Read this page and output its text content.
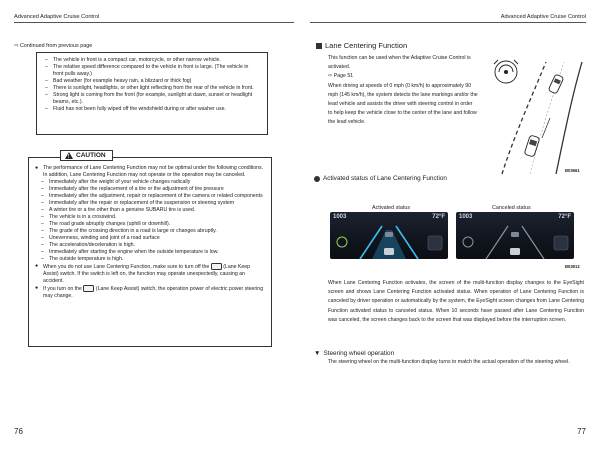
Advanced Adaptive Cruise Control	Advanced Adaptive Cruise Control
⇨ Continued from previous page
– The vehicle in front is a compact car, motorcycle, or other narrow vehicle.
– The relative speed difference compared to the vehicle in front is large. (The vehicle in front pulls away.)
– Bad weather (for example heavy rain, a blizzard or thick fog)
– There is sunlight, headlights, or other light reflecting from the rear of the vehicle in front.
– Strong light is coming from the front (for example, sunlight at dawn, sunset or headlight beams, etc.).
– Fluid has not been fully wiped off the windshield during or after washer use.
● The performance of Lane Centering Function may not be optimal under the following conditions. In addition, Lane Centering Function may not operate or the operation may be canceled.
– Immediately after the weight of your vehicle changes radically
– Immediately after the replacement of a tire or the adjustment of tire pressure
– Immediately after the adjustment, repair or replacement of the camera or related components
– Immediately after the repair or replacement of the suspension or steering system
– A winter tire or a tire other than a genuine SUBARU tire is used.
– The vehicle is in a crosswind.
– The road grade abruptly changes (uphill or downhill).
– The grade of the crossing direction in a road is large or changes abruptly.
– Unevenness, winding and joint of a road surface
– The acceleration/deceleration is high.
– Immediately after starting the engine when the outside temperature is low.
– The outside temperature is high.
● When you do not use Lane Centering Function, make sure to turn off the	(Lane Keep Assist) switch. If the switch is left on, the function may operate unexpectedly, causing an accident.
● If you turn on the	(Lane Keep Assist) switch, the operation power of electric power steering may change.
! CAUTION
76
Lane Centering Function
This function can be used when the Adaptive Cruise Control is activated.
⇨ Page 51
When driving at speeds of 0 mph (0 km/h) to approximately 90 mph (145 km/h), the system detects the lane markings and/or the lead vehicle and assists the driver with steering control in order to help keep the vehicle close to the center of the lane and follow the lead vehicle.
B03661
Activated status of Lane Centering Function
Activated status	Canceled status
1003	72°F 1003	72°F
B03912
When Lane Centering Function activates, the screen of the multi-function display changes to the EyeSight screen and shows Lane Centering Function activated status. When operation of Lane Centering Function is canceled by driver operation or automatically by the system, the EyeSight screen changes from Lane Centering Function activated status to canceled status. When 10 seconds have passed after Lane Centering Function was canceled, the screen changes back to the screen that was displayed before the interruption screen.
▼ Steering wheel operation
The steering wheel on the multi-function display turns to match the actual operation of the steering wheel.
77
